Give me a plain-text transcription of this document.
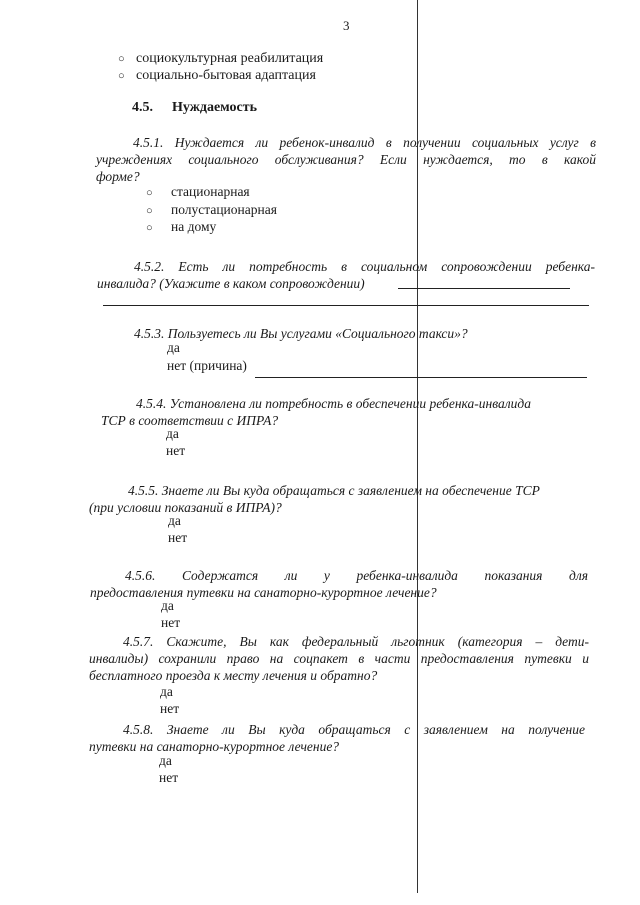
3
○ социокультурная реабилитация
○ социально-бытовая адаптация
4.5. Нуждаемость
4.5.1. Нуждается ли ребенок-инвалид в получении социальных услуг в
учреждениях социального обслуживания? Если нуждается, то в какой
форме?
○ стационарная
○ полустационарная
○ на дому
4.5.2. Есть ли потребность в социальном сопровождении ребенка-
инвалида? (Укажите в каком сопровождении)
4.5.3. Пользуетесь ли Вы услугами «Социального такси»?
да
нет (причина)
4.5.4. Установлена ли потребность в обеспечении ребенка-инвалида
ТСР в соответствии с ИПРА?
да
нет
4.5.5. Знаете ли Вы куда обращаться с заявлением на обеспечение ТСР
(при условии показаний в ИПРА)?
да
нет
4.5.6. Содержатся ли у ребенка-инвалида показания для
предоставления путевки на санаторно-курортное лечение?
да
нет
4.5.7. Скажите, Вы как федеральный льготник (категория – дети-
инвалиды) сохранили право на соцпакет в части предоставления путевки и
бесплатного проезда к месту лечения и обратно?
да
нет
4.5.8. Знаете ли Вы куда обращаться с заявлением на получение
путевки на санаторно-курортное лечение?
да
нет
